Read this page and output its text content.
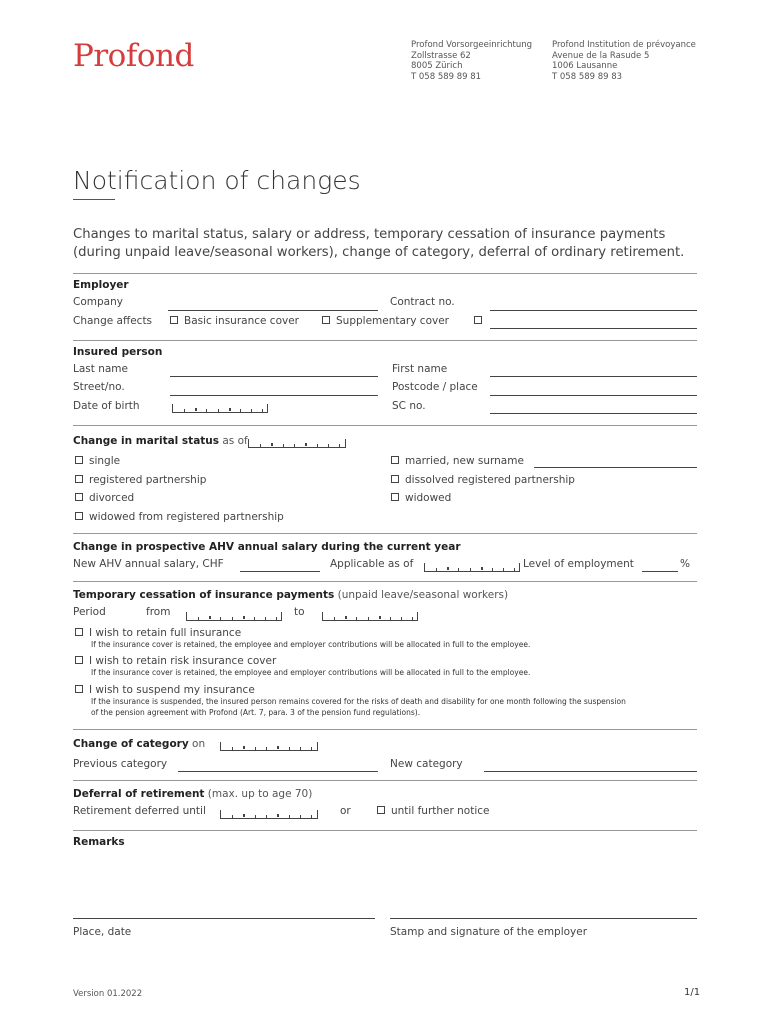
Profond	Profond Vorsorgeeinrichtung
Zollstrasse 62
8005 Zürich
T 058 589 89 81
Profond Institution de prévoyance
Avenue de la Rasude 5
1006 Lausanne
T 058 589 89 83
Notification of changes
Changes to marital status, salary or address, temporary cessation of insurance payments (during unpaid leave/seasonal workers), change of category, deferral of ordinary retirement.
Employer
Company	Contract no.
Change affects	Basic insurance cover	Supplementary cover
Insured person
Last name	First name
Street/no.	Postcode / place
Date of birth	SC no.
Change in marital status as of
single	married, new surname
registered partnership	dissolved registered partnership
divorced	widowed
widowed from registered partnership
Change in prospective AHV annual salary during the current year
New AHV annual salary, CHF	Applicable as of	Level of employment	%
Temporary cessation of insurance payments (unpaid leave/seasonal workers)
Period	from	to
I wish to retain full insurance
If the insurance cover is retained, the employee and employer contributions will be allocated in full to the employee.
I wish to retain risk insurance cover
If the insurance cover is retained, the employee and employer contributions will be allocated in full to the employee.
I wish to suspend my insurance
If the insurance is suspended, the insured person remains covered for the risks of death and disability for one month following the suspension
of the pension agreement with Profond (Art. 7, para. 3 of the pension fund regulations).
Change of category on
Previous category	New category
Deferral of retirement (max. up to age 70)
Retirement deferred until	or	until further notice
Remarks
Place, date	Stamp and signature of the employer
Version 01.2022	1/1
